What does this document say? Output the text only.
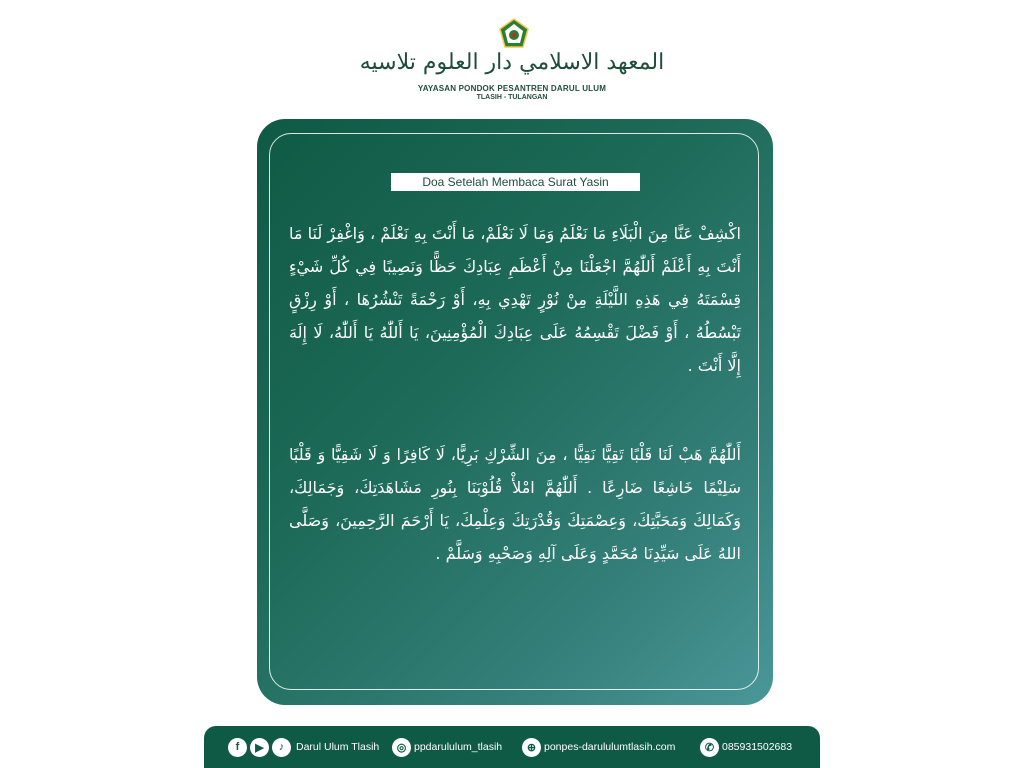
المعهد الاسلامي دار العلوم تلاسيه
YAYASAN PONDOK PESANTREN DARUL ULUM
TLASIH - TULANGAN
Doa Setelah Membaca Surat Yasin
اكْشِفْ عَنَّا مِنَ الْبَلَاءِ مَا نَعْلَمُ وَمَا لَا نَعْلَمْ، مَا أَنْتَ بِهِ نَعْلَمْ ، وَاغْفِرْ لَنَا مَا أَنْتَ بِهِ أَعْلَمْ أَللّٰهُمَّ اجْعَلْنَا مِنْ أَعْظَمِ عِبَادِكَ حَظًّا وَنَصِيبًا فِي كُلِّ شَيْءٍ قِسْمَتَهُ فِي هَذِهِ اللَّيْلَةِ مِنْ نُوْرٍ تَهْدِي بِهِ، أَوْ رَحْمَةً تَنْشُرُهَا ، أَوْ رِزْقٍ تَبْسُطُهُ ، أَوْ فَضْلَ تَقْسِمُهُ عَلَى عِبَادِكَ الْمُؤْمِنِينَ، يَا أَللّٰهُ يَا أَللّٰهُ، لَا إِلَهَ إِلَّا أَنْتَ .
أَللّٰهُمَّ هَبْ لَنَا قَلْبًا تَقِيًّا نَقِيًّا ، مِنَ الشِّرْكِ بَرِيًّا، لَا كَافِرًا وَ لَا شَقِيًّا وَ قَلْبًا سَلِيْمًا خَاشِعًا ضَارِعًا . أَللّٰهُمَّ امْلأْ قُلُوْبَنَا بِنُورِ مَشَاهَدَتِكَ، وَجَمَالِكَ، وَكَمَالِكَ وَمَحَبَّتِكَ، وَعِصْمَتِكَ وَقُدْرَتِكَ وَعِلْمِكَ، يَا أَرْحَمَ الرَّحِمِينَ، وَصَلَّى اللهُ عَلَى سَيِّدِنَا مُحَمَّدٍ وَعَلَى آلِهِ وَصَحْبِهِ وَسَلَّمْ .
f	▶	♪	Darul Ulum Tlasih	◎ ppdarululum_tlasih	⊕ ponpes-darululumtlasih.com	✆ 085931502683
